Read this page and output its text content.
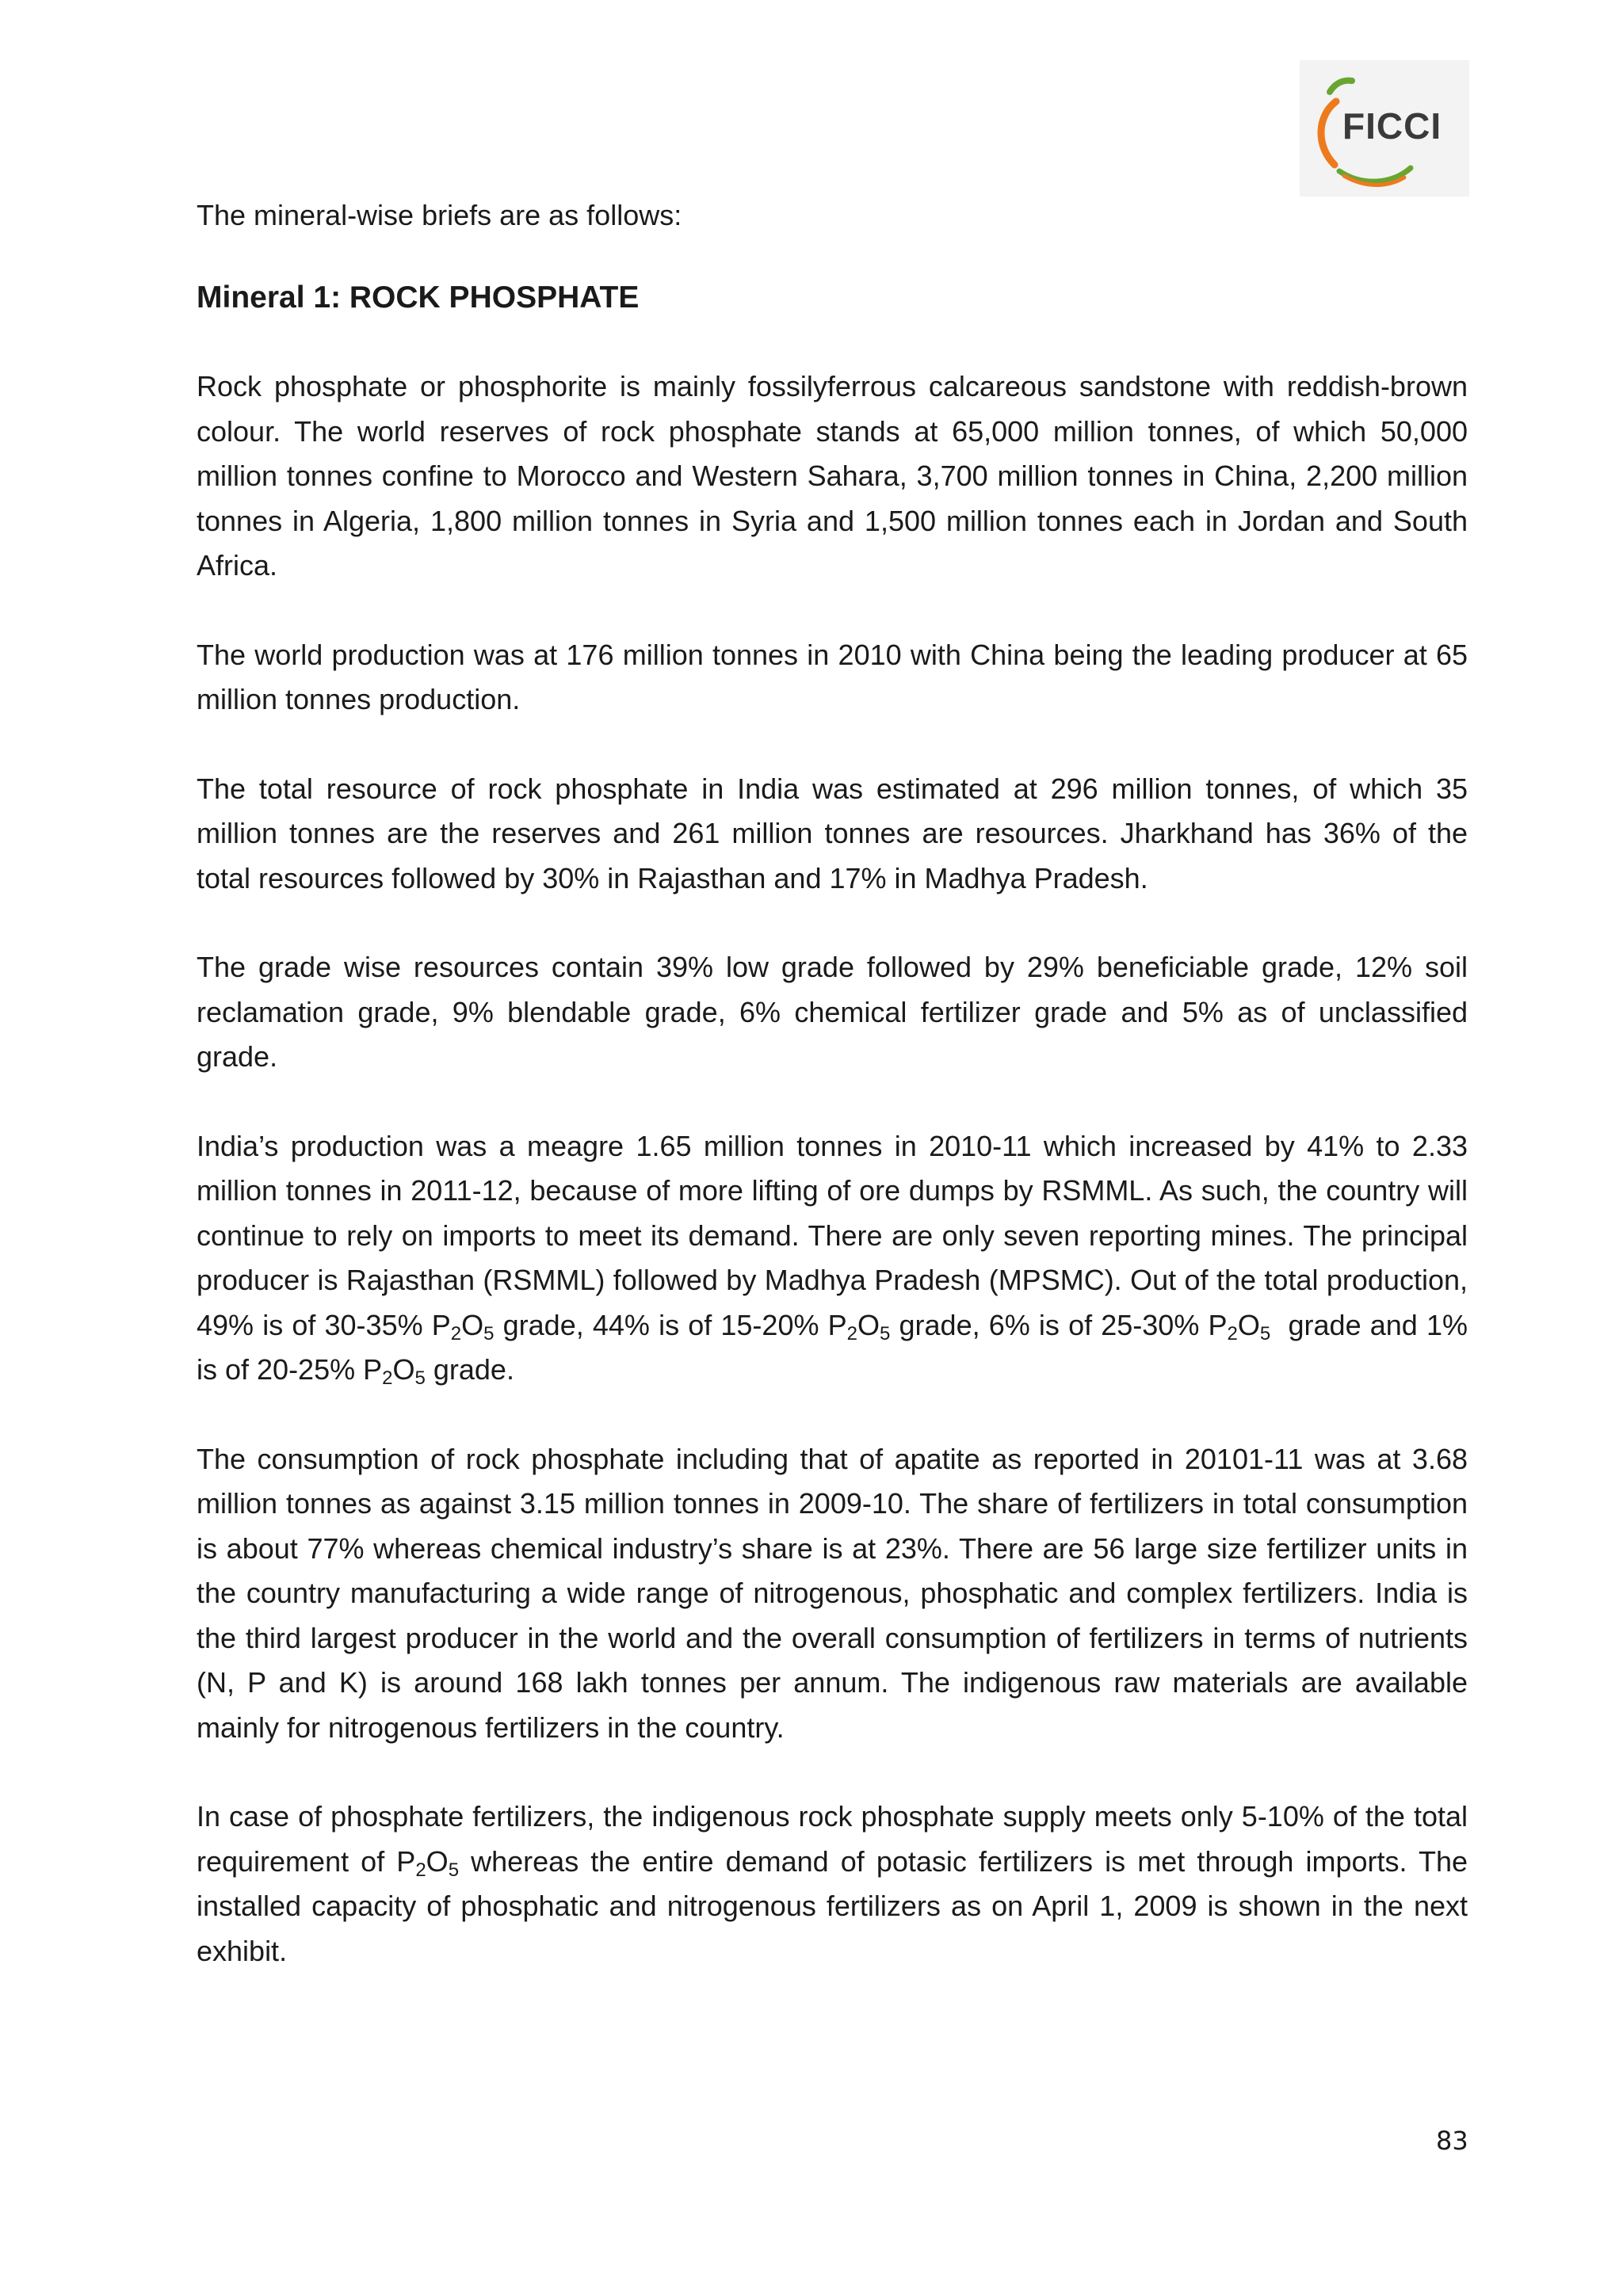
FICCI

The mineral-wise briefs are as follows:

Mineral 1: ROCK PHOSPHATE

Rock phosphate or phosphorite is mainly fossilyferrous calcareous sandstone with reddish-brown colour. The world reserves of rock phosphate stands at 65,000 million tonnes, of which 50,000 million tonnes confine to Morocco and Western Sahara, 3,700 million tonnes in China, 2,200 million tonnes in Algeria, 1,800 million tonnes in Syria and 1,500 million tonnes each in Jordan and South Africa.

The world production was at 176 million tonnes in 2010 with China being the leading producer at 65 million tonnes production.

The total resource of rock phosphate in India was estimated at 296 million tonnes, of which 35 million tonnes are the reserves and 261 million tonnes are resources. Jharkhand has 36% of the total resources followed by 30% in Rajasthan and 17% in Madhya Pradesh.

The grade wise resources contain 39% low grade followed by 29% beneficiable grade, 12% soil reclamation grade, 9% blendable grade, 6% chemical fertilizer grade and 5% as of unclassified grade.

India’s production was a meagre 1.65 million tonnes in 2010-11 which increased by 41% to 2.33 million tonnes in 2011-12, because of more lifting of ore dumps by RSMML. As such, the country will continue to rely on imports to meet its demand. There are only seven reporting mines. The principal producer is Rajasthan (RSMML) followed by Madhya Pradesh (MPSMC). Out of the total production, 49% is of 30-35% $P_2O_5$ grade, 44% is of 15-20% $P_2O_5$ grade, 6% is of 25-30% $P_2O_5$  grade and 1% is of 20-25% $P_2O_5$ grade.

The consumption of rock phosphate including that of apatite as reported in 20101-11 was at 3.68 million tonnes as against 3.15 million tonnes in 2009-10. The share of fertilizers in total consumption is about 77% whereas chemical industry’s share is at 23%. There are 56 large size fertilizer units in the country manufacturing a wide range of nitrogenous, phosphatic and complex fertilizers. India is the third largest producer in the world and the overall consumption of fertilizers in terms of nutrients (N, P and K) is around 168 lakh tonnes per annum. The indigenous raw materials are available mainly for nitrogenous fertilizers in the country.

In case of phosphate fertilizers, the indigenous rock phosphate supply meets only 5-10% of the total requirement of $P_2O_5$ whereas the entire demand of potasic fertilizers is met through imports. The installed capacity of phosphatic and nitrogenous fertilizers as on April 1, 2009 is shown in the next exhibit.

83
